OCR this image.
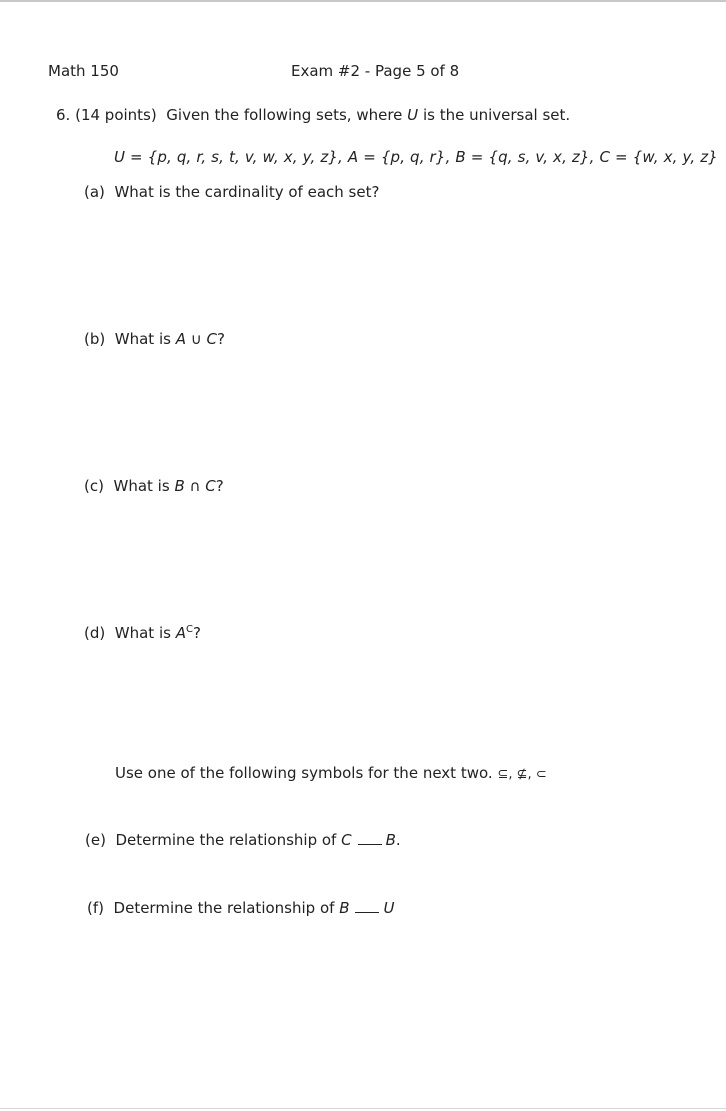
Math 150	Exam #2 - Page 5 of 8
6. (14 points) Given the following sets, where U is the universal set.
U = {p, q, r, s, t, v, w, x, y, z}, A = {p, q, r}, B = {q, s, v, x, z}, C = {w, x, y, z}
(a) What is the cardinality of each set?
(b) What is A ∪ C?
(c) What is B ∩ C?
(d) What is $A^C$?
Use one of the following symbols for the next two. ⊆, ⊈, ⊂
(e) Determine the relationship of C B.
(f) Determine the relationship of B U
